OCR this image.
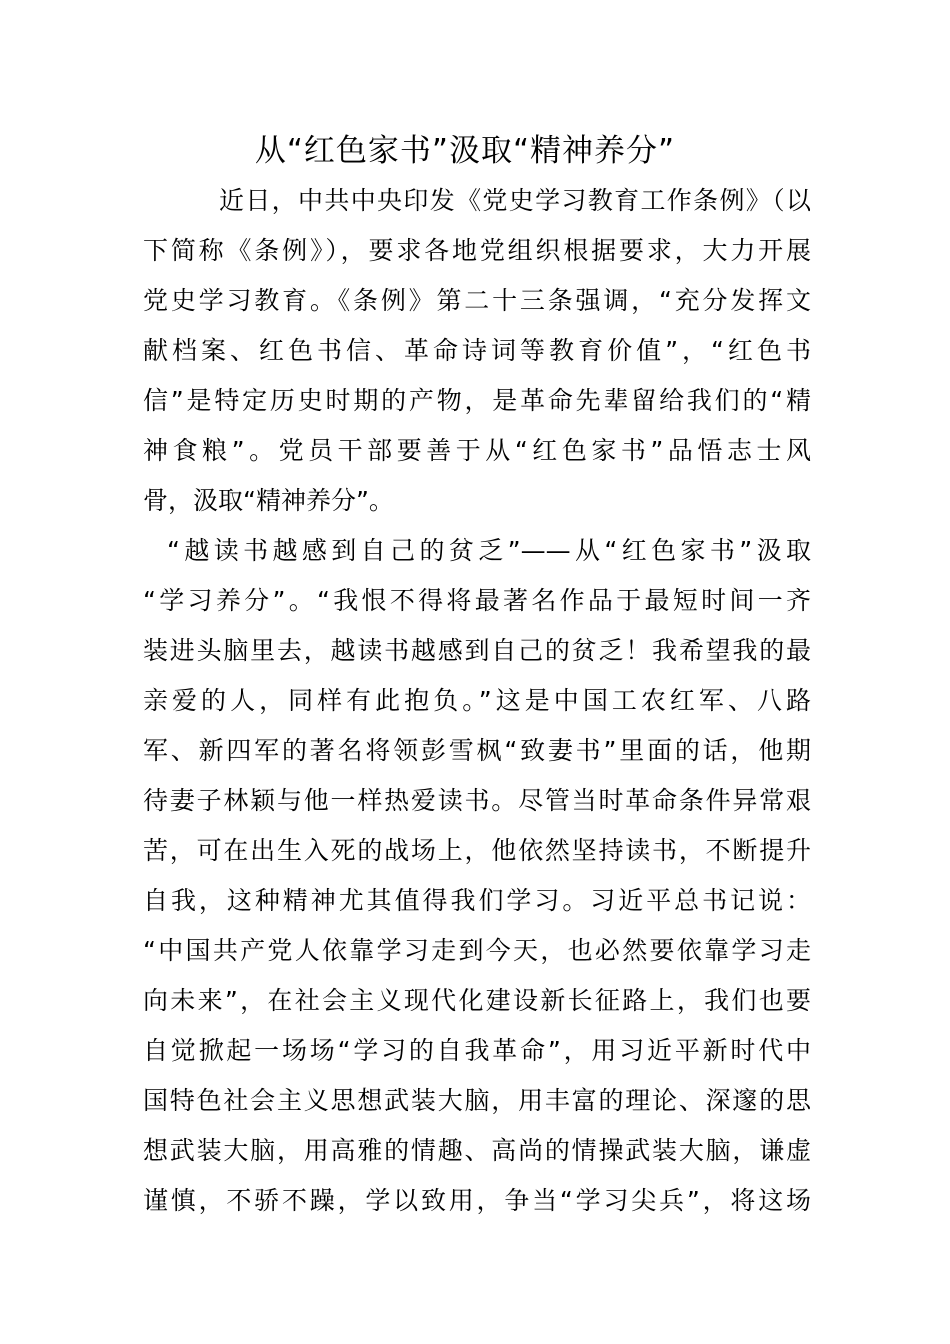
从“红色家书”汲取“精神养分”
近日，中共中央印发《党史学习教育工作条例》（以
下简称《条例》），要求各地党组织根据要求，大力开展
党史学习教育。《条例》第二十三条强调，“充分发挥文
献档案、红色书信、革命诗词等教育价值”，“红色书
信”是特定历史时期的产物，是革命先辈留给我们的“精
神食粮”。党员干部要善于从“红色家书”品悟志士风
骨，汲取“精神养分”。
“越读书越感到自己的贫乏”——从“红色家书”汲取
“学习养分”。“我恨不得将最著名作品于最短时间一齐
装进头脑里去，越读书越感到自己的贫乏！我希望我的最
亲爱的人，同样有此抱负。”这是中国工农红军、八路
军、新四军的著名将领彭雪枫“致妻书”里面的话，他期
待妻子林颖与他一样热爱读书。尽管当时革命条件异常艰
苦，可在出生入死的战场上，他依然坚持读书，不断提升
自我，这种精神尤其值得我们学习。习近平总书记说：
“中国共产党人依靠学习走到今天，也必然要依靠学习走
向未来”，在社会主义现代化建设新长征路上，我们也要
自觉掀起一场场“学习的自我革命”，用习近平新时代中
国特色社会主义思想武装大脑，用丰富的理论、深邃的思
想武装大脑，用高雅的情趣、高尚的情操武装大脑，谦虚
谨慎，不骄不躁，学以致用，争当“学习尖兵”，将这场
